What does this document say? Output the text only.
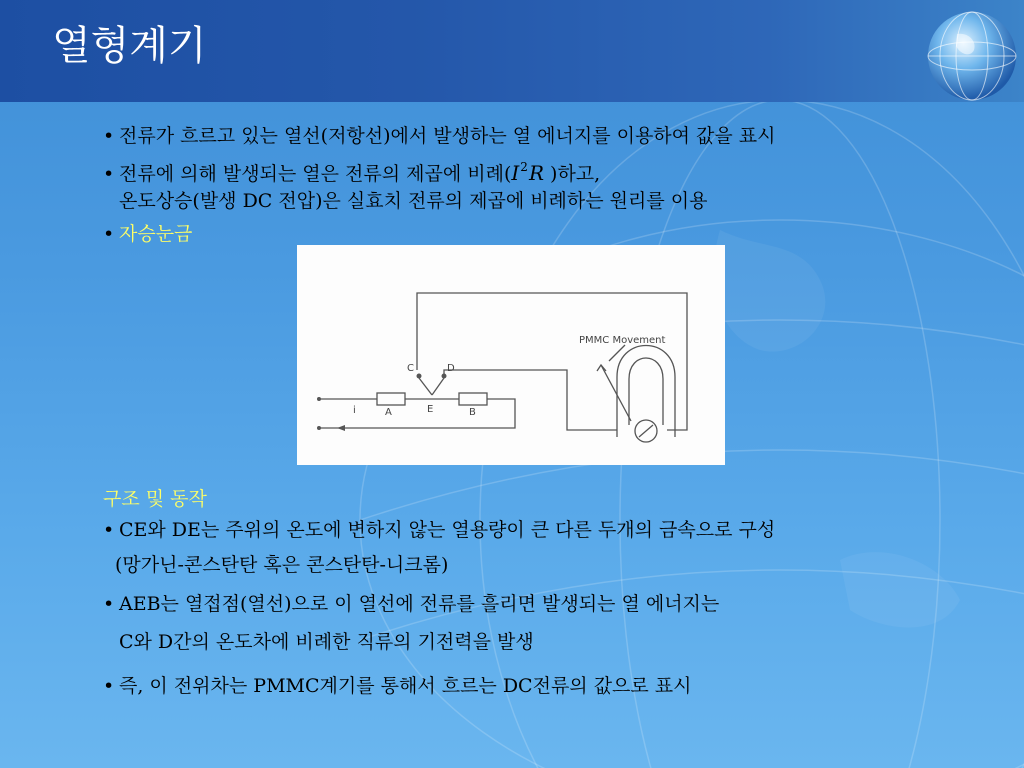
열형계기

• 전류가 흐르고 있는 열선(저항선)에서 발생하는 열 에너지를 이용하여 값을 표시

• 전류에 의해 발생되는 열은 전류의 제곱에 비례($I^2R$ )하고,

온도상승(발생 DC 전압)은 실효치 전류의 제곱에 비례하는 원리를 이용

• 자승눈금

C	D
E
A	B
i
PMMC Movement

구조 및 동작

• CE와 DE는 주위의 온도에 변하지 않는 열용량이 큰 다른 두개의 금속으로 구성

(망가닌-콘스탄탄 혹은 콘스탄탄-니크롬)

• AEB는 열접점(열선)으로 이 열선에 전류를 흘리면 발생되는 열 에너지는

C와 D간의 온도차에 비례한 직류의 기전력을 발생

• 즉, 이 전위차는 PMMC계기를 통해서 흐르는 DC전류의 값으로 표시
